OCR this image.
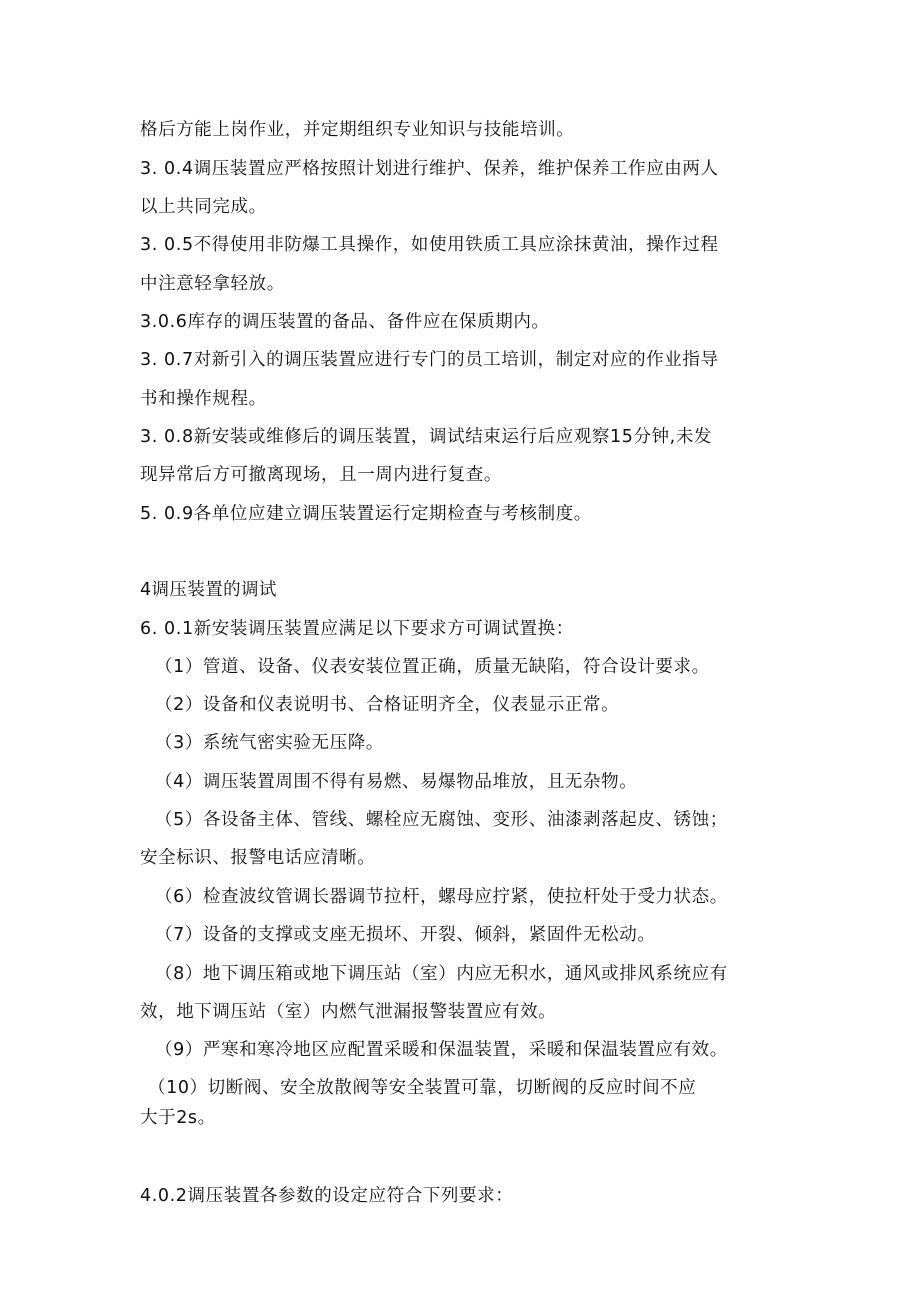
格后方能上岗作业，并定期组织专业知识与技能培训。
3. 0.4调压装置应严格按照计划进行维护、保养，维护保养工作应由两人
以上共同完成。
3. 0.5不得使用非防爆工具操作，如使用铁质工具应涂抹黄油，操作过程
中注意轻拿轻放。
3.0.6库存的调压装置的备品、备件应在保质期内。
3. 0.7对新引入的调压装置应进行专门的员工培训，制定对应的作业指导
书和操作规程。
3. 0.8新安装或维修后的调压装置，调试结束运行后应观察15分钟,未发
现异常后方可撤离现场，且一周内进行复查。
5. 0.9各单位应建立调压装置运行定期检查与考核制度。
4调压装置的调试
6. 0.1新安装调压装置应满足以下要求方可调试置换：
（1）管道、设备、仪表安装位置正确，质量无缺陷，符合设计要求。
（2）设备和仪表说明书、合格证明齐全，仪表显示正常。
（3）系统气密实验无压降。
（4）调压装置周围不得有易燃、易爆物品堆放，且无杂物。
（5）各设备主体、管线、螺栓应无腐蚀、变形、油漆剥落起皮、锈蚀；
安全标识、报警电话应清晰。
（6）检查波纹管调长器调节拉杆，螺母应拧紧，使拉杆处于受力状态。
（7）设备的支撑或支座无损坏、开裂、倾斜，紧固件无松动。
（8）地下调压箱或地下调压站（室）内应无积水，通风或排风系统应有
效，地下调压站（室）内燃气泄漏报警装置应有效。
（9）严寒和寒冷地区应配置采暖和保温装置，采暖和保温装置应有效。
（10）切断阀、安全放散阀等安全装置可靠，切断阀的反应时间不应
大于2s。
4.0.2调压装置各参数的设定应符合下列要求：
